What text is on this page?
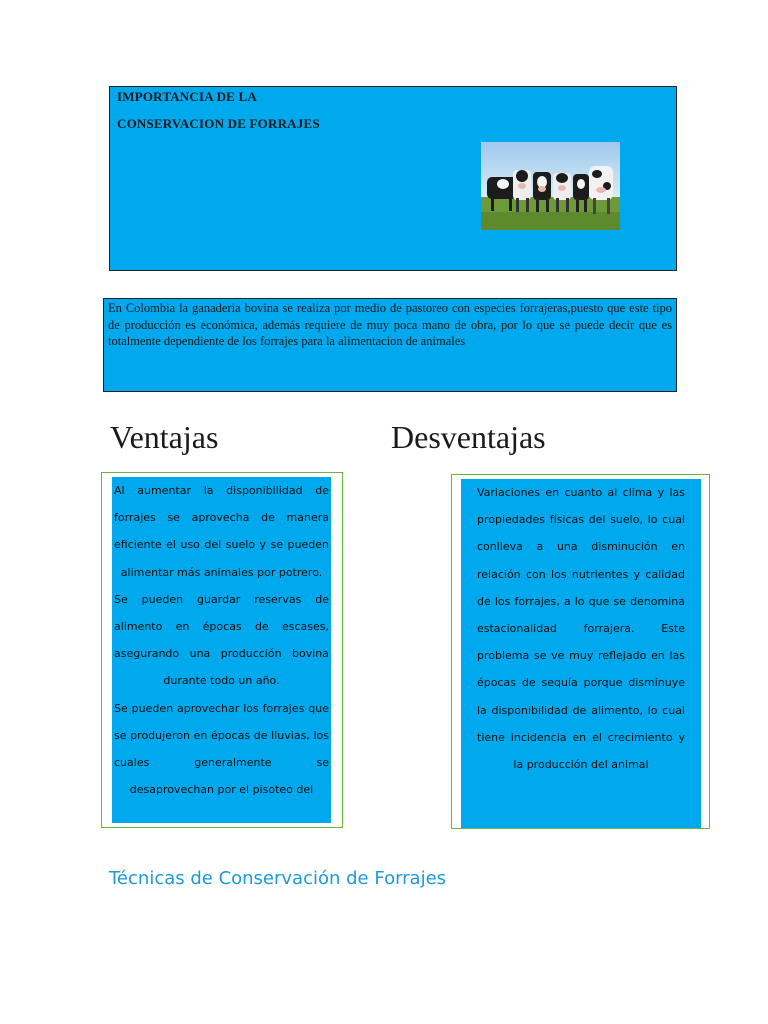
IMPORTANCIA DE LA
CONSERVACION DE FORRAJES

En Colombia la ganaderia bovina se realiza por medio de pastoreo con especies forrajeras,puesto que este tipo de producción es económica, además requiere de muy poca mano de obra, por lo que se puede decir que es totalmente dependiente de los forrajes para la alimentacion de animales

Ventajas	Desventajas

Al aumentar la disponibilidad de forrajes se aprovecha de manera eficiente el uso del suelo y se pueden alimentar más animales por potrero.

Se pueden guardar reservas de alimento en épocas de escases, asegurando una producción bovina durante todo un año.

Se pueden aprovechar los forrajes que se produjeron en épocas de lluvias, los cuales generalmente se desaprovechan por el pisoteo del

Variaciones en cuanto al clima y las propiedades físicas del suelo, lo cual conlleva a una disminución en relación con los nutrientes y calidad de los forrajes, a lo que se denomina estacionalidad forrajera. Este problema se ve muy reflejado en las épocas de sequía porque disminuye la disponibilidad de alimento, lo cual tiene incidencia en el crecimiento y la producción del animal

Técnicas de Conservación de Forrajes
